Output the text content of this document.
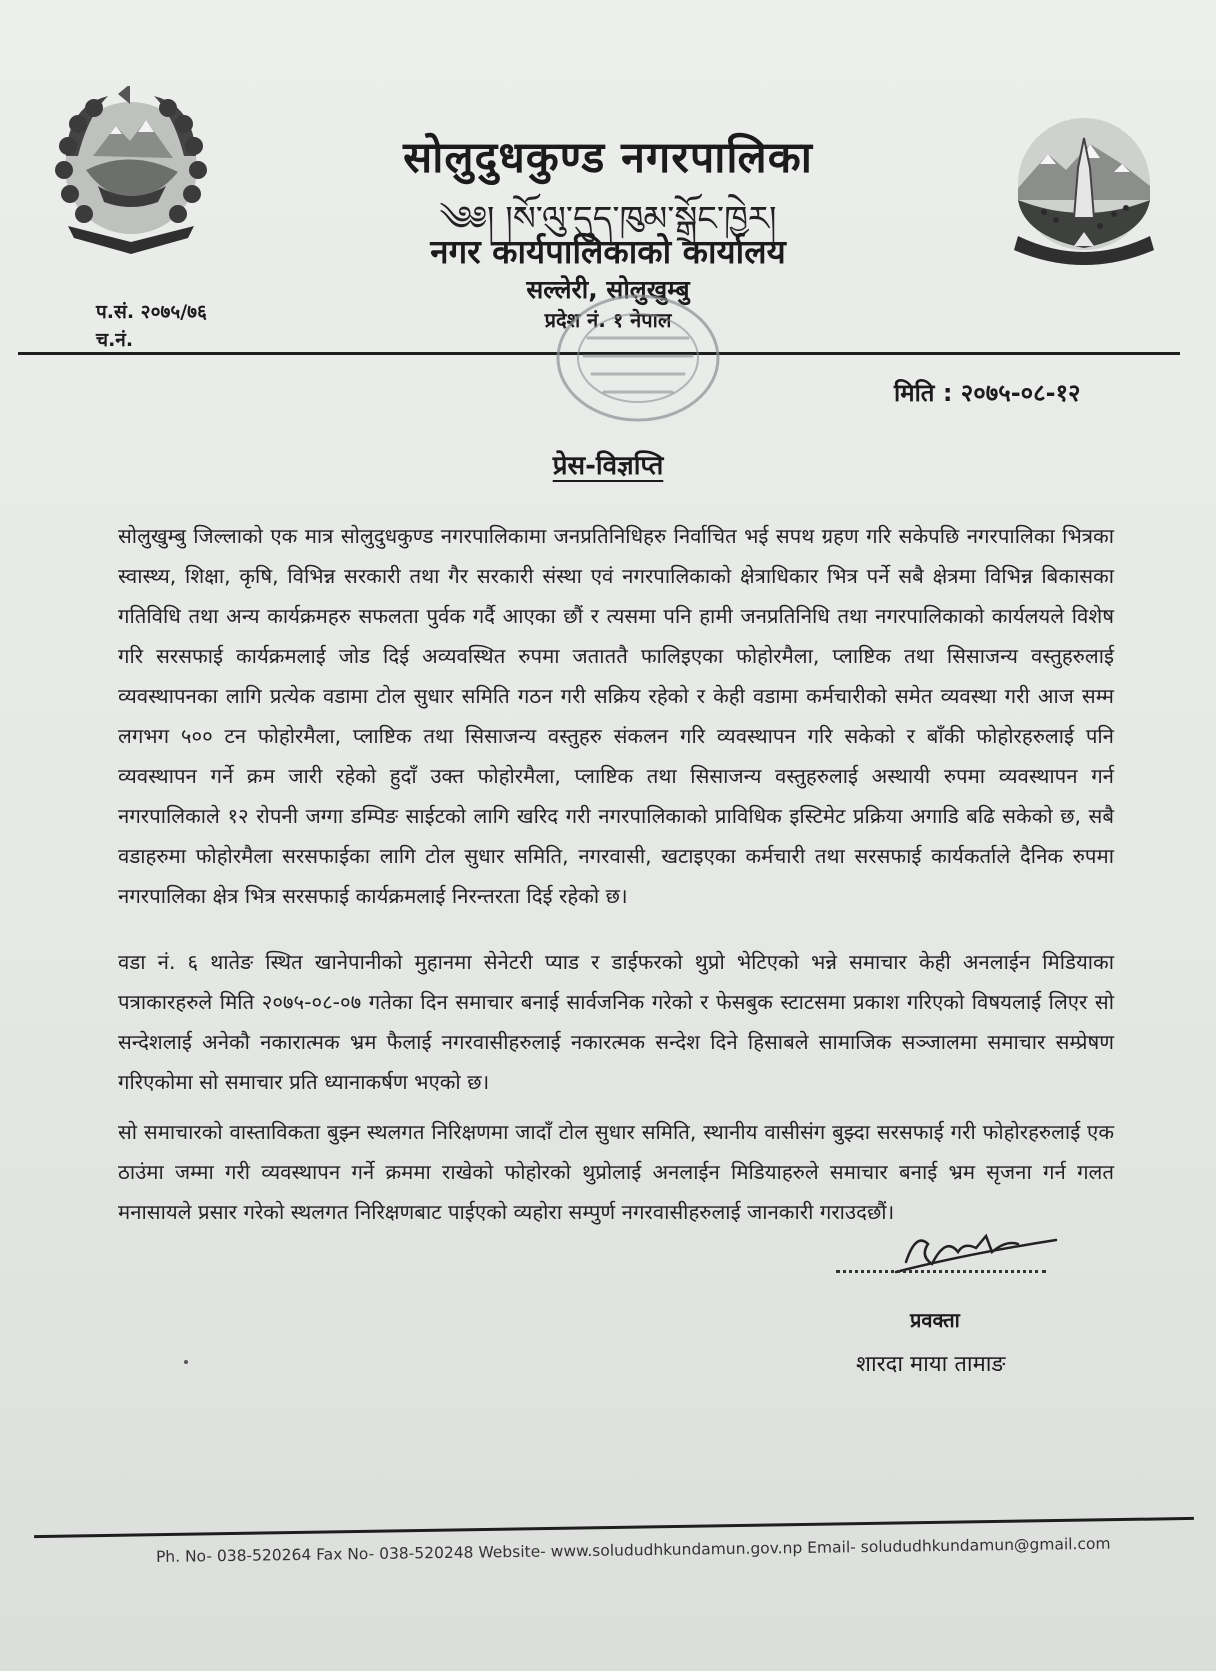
सोलुदुधकुण्ड नगरपालिका
༄༅། །སོ་ལུ་དུད་ཁུམ་སྒྲོང་ཁྱེར།
नगर कार्यपालिकाको कार्यालय
सल्लेरी, सोलुखुम्बु
प्रदेश नं. १ नेपाल
प.सं. २०७५/७६
च.नं.
मिति : २०७५-०८-१२
प्रेस-विज्ञप्ति
सोलुखुम्बु जिल्लाको एक मात्र सोलुदुधकुण्ड नगरपालिकामा जनप्रतिनिधिहरु निर्वाचित भई सपथ ग्रहण गरि सकेपछि नगरपालिका भित्रका स्वास्थ्य, शिक्षा, कृषि, विभिन्न सरकारी तथा गैर सरकारी संस्था एवं नगरपालिकाको क्षेत्राधिकार भित्र पर्ने सबै क्षेत्रमा विभिन्न बिकासका गतिविधि तथा अन्य कार्यक्रमहरु सफलता पुर्वक गर्दै आएका छौं र त्यसमा पनि हामी जनप्रतिनिधि तथा नगरपालिकाको कार्यलयले विशेष गरि सरसफाई कार्यक्रमलाई जोड दिई अव्यवस्थित रुपमा जताततै फालिइएका फोहोरमैला, प्लाष्टिक तथा सिसाजन्य वस्तुहरुलाई व्यवस्थापनका लागि प्रत्येक वडामा टोल सुधार समिति गठन गरी सक्रिय रहेको र केही वडामा कर्मचारीको समेत व्यवस्था गरी आज सम्म लगभग ५०० टन फोहोरमैला, प्लाष्टिक तथा सिसाजन्य वस्तुहरु संकलन गरि व्यवस्थापन गरि सकेको र बाँकी फोहोरहरुलाई पनि व्यवस्थापन गर्ने क्रम जारी रहेको हुदाँ उक्त फोहोरमैला, प्लाष्टिक तथा सिसाजन्य वस्तुहरुलाई अस्थायी रुपमा व्यवस्थापन गर्न नगरपालिकाले १२ रोपनी जग्गा डम्पिङ साईटको लागि खरिद गरी नगरपालिकाको प्राविधिक इस्टिमेट प्रक्रिया अगाडि बढि सकेको छ, सबै वडाहरुमा फोहोरमैला सरसफाईका लागि टोल सुधार समिति, नगरवासी, खटाइएका कर्मचारी तथा सरसफाई कार्यकर्ताले दैनिक रुपमा नगरपालिका क्षेत्र भित्र सरसफाई कार्यक्रमलाई निरन्तरता दिई रहेको छ।
वडा नं. ६ थातेङ स्थित खानेपानीको मुहानमा सेनेटरी प्याड र डाईफरको थुप्रो भेटिएको भन्ने समाचार केही अनलाईन मिडियाका पत्राकारहरुले मिति २०७५-०८-०७ गतेका दिन समाचार बनाई सार्वजनिक गरेको र फेसबुक स्टाटसमा प्रकाश गरिएको विषयलाई लिएर सो सन्देशलाई अनेकौ नकारात्मक भ्रम फैलाई नगरवासीहरुलाई नकारत्मक सन्देश दिने हिसाबले सामाजिक सञ्जालमा समाचार सम्प्रेषण गरिएकोमा सो समाचार प्रति ध्यानाकर्षण भएको छ।
सो समाचारको वास्ताविकता बुझ्न स्थलगत निरिक्षणमा जादाँ टोल सुधार समिति, स्थानीय वासीसंग बुझ्दा सरसफाई गरी फोहोरहरुलाई एक ठाउंमा जम्मा गरी व्यवस्थापन गर्ने क्रममा राखेको फोहोरको थुप्रोलाई अनलाईन मिडियाहरुले समाचार बनाई भ्रम सृजना गर्न गलत मनासायले प्रसार गरेको स्थलगत निरिक्षणबाट पाईएको व्यहोरा सम्पुर्ण नगरवासीहरुलाई जानकारी गराउदछौं।
प्रवक्ता
शारदा माया तामाङ
Ph. No- 038-520264 Fax No- 038-520248 Website- www.solududhkundamun.gov.np Email- solududhkundamun@gmail.com
